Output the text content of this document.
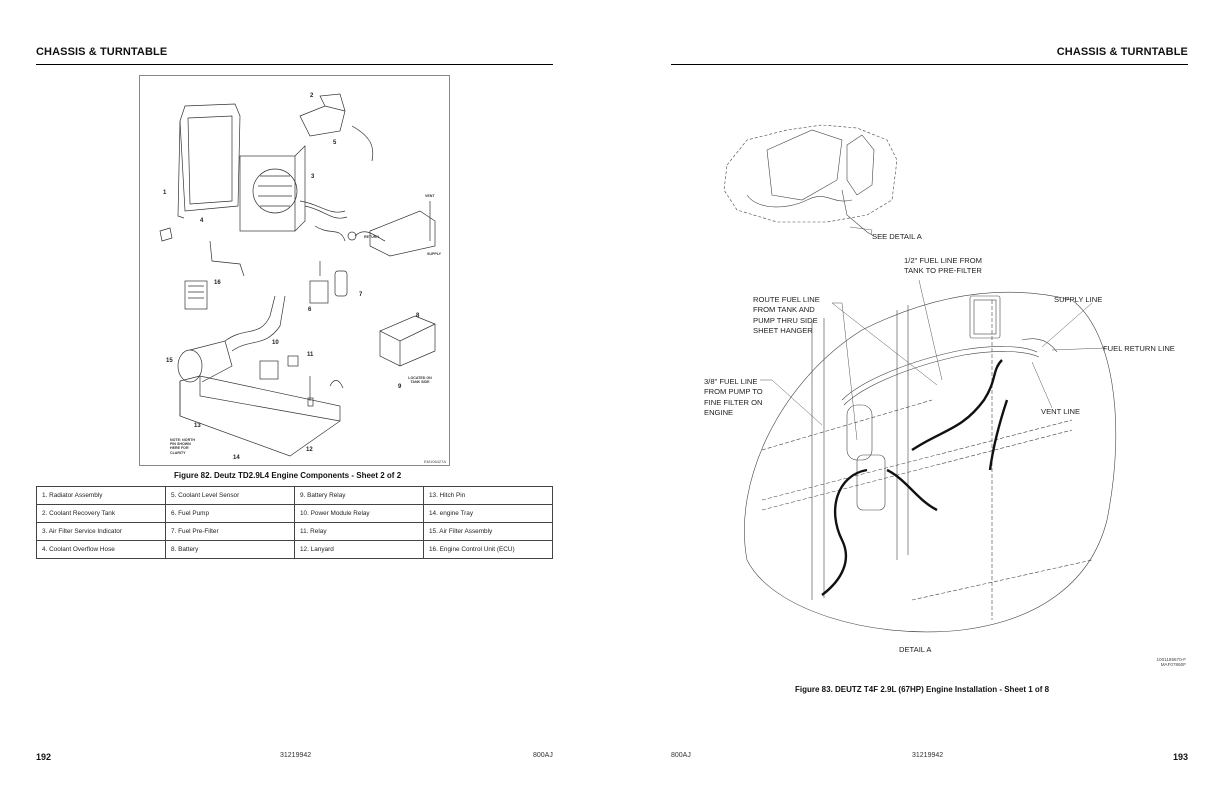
CHASSIS & TURNTABLE
1
2
3
4
5
6
7
8
9
10
11
12
13
14
15
16
VENT
RETURN
SUPPLY
LOCATED ON TANK SIDE
NOTE: NORTH PIN SHOWN HERE FOR CLARITY
EM106427A
Figure 82. Deutz TD2.9L4 Engine Components - Sheet 2 of 2
1. Radiator Assembly	5. Coolant Level Sensor	9. Battery Relay	13. Hitch Pin
2. Coolant Recovery Tank	6. Fuel Pump	10. Power Module Relay	14. engine Tray
3. Air Filter Service Indicator	7. Fuel Pre-Filter	11. Relay	15. Air Filter Assembly
4. Coolant Overflow Hose	8. Battery	12. Lanyard	16. Engine Control Unit (ECU)
192	31219942	800AJ
CHASSIS & TURNTABLE
SEE DETAIL A
1/2" FUEL LINE FROM
TANK TO PRE-FILTER
ROUTE FUEL LINE
FROM TANK AND
PUMP THRU SIDE
SHEET HANGER
SUPPLY LINE
FUEL RETURN LINE
3/8" FUEL LINE
FROM PUMP TO
FINE FILTER ON
ENGINE	VENT LINE
DETAIL A
1001185670-F
MAF07860F
Figure 83. DEUTZ T4F 2.9L (67HP) Engine Installation - Sheet 1 of 8
800AJ	31219942	193
